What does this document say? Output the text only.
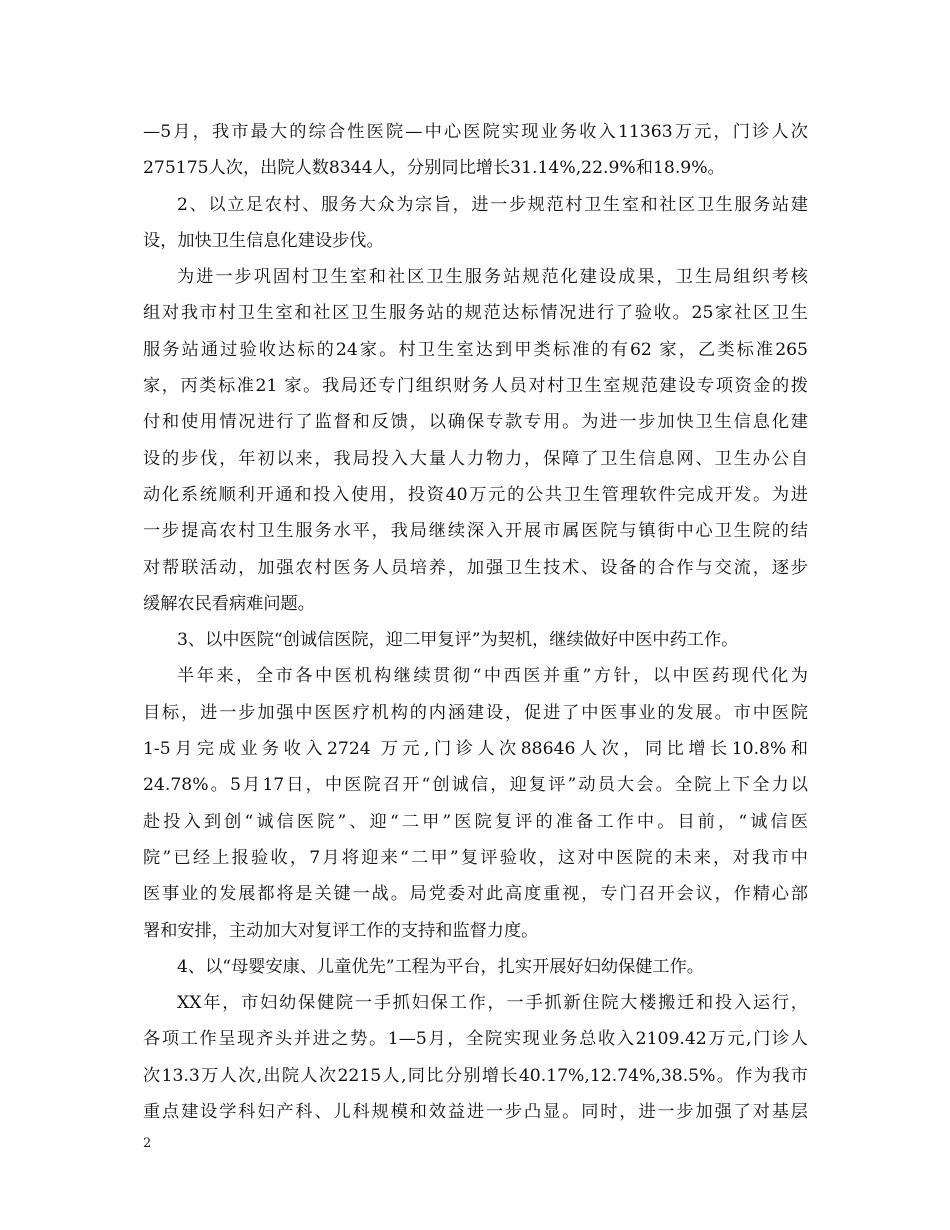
—5月，我市最大的综合性医院—中心医院实现业务收入11363万元，门诊人次
275175人次，出院人数8344人，分别同比增长31.14%,22.9%和18.9%。
2、以立足农村、服务大众为宗旨，进一步规范村卫生室和社区卫生服务站建
设，加快卫生信息化建设步伐。
为进一步巩固村卫生室和社区卫生服务站规范化建设成果，卫生局组织考核
组对我市村卫生室和社区卫生服务站的规范达标情况进行了验收。25家社区卫生
服务站通过验收达标的24家。村卫生室达到甲类标准的有62 家，乙类标准265
家，丙类标准21 家。我局还专门组织财务人员对村卫生室规范建设专项资金的拨
付和使用情况进行了监督和反馈，以确保专款专用。为进一步加快卫生信息化建
设的步伐，年初以来，我局投入大量人力物力，保障了卫生信息网、卫生办公自
动化系统顺利开通和投入使用，投资40万元的公共卫生管理软件完成开发。为进
一步提高农村卫生服务水平，我局继续深入开展市属医院与镇街中心卫生院的结
对帮联活动，加强农村医务人员培养，加强卫生技术、设备的合作与交流，逐步
缓解农民看病难问题。
3、以中医院“创诚信医院，迎二甲复评”为契机，继续做好中医中药工作。
半年来，全市各中医机构继续贯彻“中西医并重”方针，以中医药现代化为
目标，进一步加强中医医疗机构的内涵建设，促进了中医事业的发展。市中医院
1-5月完成业务收入2724 万元,门诊人次88646人次，同比增长10.8%和
24.78%。5月17日，中医院召开“创诚信，迎复评”动员大会。全院上下全力以
赴投入到创“诚信医院”、迎“二甲”医院复评的准备工作中。目前，“诚信医
院”已经上报验收，7月将迎来“二甲”复评验收，这对中医院的未来，对我市中
医事业的发展都将是关键一战。局党委对此高度重视，专门召开会议，作精心部
署和安排，主动加大对复评工作的支持和监督力度。
4、以“母婴安康、儿童优先”工程为平台，扎实开展好妇幼保健工作。
XX年，市妇幼保健院一手抓妇保工作，一手抓新住院大楼搬迁和投入运行，
各项工作呈现齐头并进之势。1—5月，全院实现业务总收入2109.42万元,门诊人
次13.3万人次,出院人次2215人,同比分别增长40.17%,12.74%,38.5%。作为我市
重点建设学科妇产科、儿科规模和效益进一步凸显。同时，进一步加强了对基层
2
